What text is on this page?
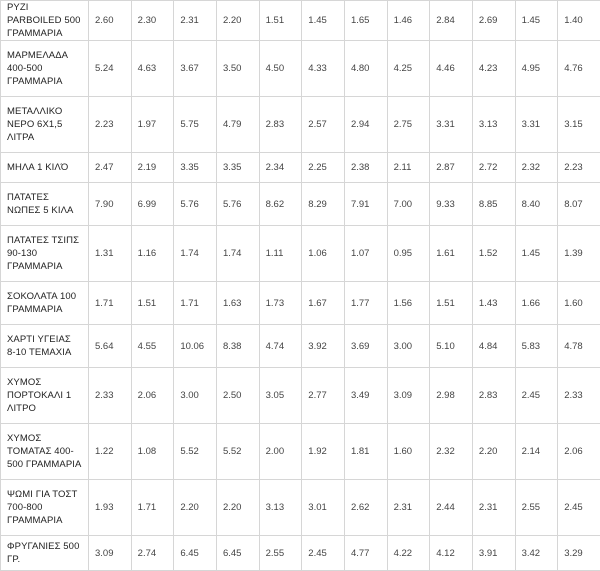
ΡΥΖΙ PARBOILED 500 ΓΡΑΜΜΑΡΙΑ	2.60	2.30	2.31	2.20	1.51	1.45	1.65	1.46	2.84	2.69	1.45	1.40
ΜΑΡΜΕΛΑΔΑ 400-500 ΓΡΑΜΜΑΡΙΑ	5.24	4.63	3.67	3.50	4.50	4.33	4.80	4.25	4.46	4.23	4.95	4.76
ΜΕΤΑΛΛΙΚΟ ΝΕΡΟ 6Χ1,5 ΛΙΤΡΑ	2.23	1.97	5.75	4.79	2.83	2.57	2.94	2.75	3.31	3.13	3.31	3.15
ΜΗΛΑ 1 ΚΙΛΌ	2.47	2.19	3.35	3.35	2.34	2.25	2.38	2.11	2.87	2.72	2.32	2.23
ΠΑΤΑΤΕΣ ΝΩΠΕΣ 5 ΚΙΛΑ	7.90	6.99	5.76	5.76	8.62	8.29	7.91	7.00	9.33	8.85	8.40	8.07
ΠΑΤΑΤΕΣ ΤΣΙΠΣ 90-130 ΓΡΑΜΜΑΡΙΑ	1.31	1.16	1.74	1.74	1.11	1.06	1.07	0.95	1.61	1.52	1.45	1.39
ΣΟΚΟΛΑΤΑ 100 ΓΡΑΜΜΑΡΙΑ	1.71	1.51	1.71	1.63	1.73	1.67	1.77	1.56	1.51	1.43	1.66	1.60
ΧΑΡΤΙ ΥΓΕΙΑΣ 8-10 ΤΕΜΑΧΙΑ	5.64	4.55	10.06	8.38	4.74	3.92	3.69	3.00	5.10	4.84	5.83	4.78
ΧΥΜΟΣ ΠΟΡΤΟΚΑΛΙ 1 ΛΙΤΡΟ	2.33	2.06	3.00	2.50	3.05	2.77	3.49	3.09	2.98	2.83	2.45	2.33
ΧΥΜΟΣ ΤΟΜΑΤΑΣ 400-500 ΓΡΑΜΜΑΡΙΑ	1.22	1.08	5.52	5.52	2.00	1.92	1.81	1.60	2.32	2.20	2.14	2.06
ΨΩΜΙ ΓΙΑ ΤΟΣΤ 700-800 ΓΡΑΜΜΑΡΙΑ	1.93	1.71	2.20	2.20	3.13	3.01	2.62	2.31	2.44	2.31	2.55	2.45
ΦΡΥΓΑΝΙΕΣ 500 ΓΡ.	3.09	2.74	6.45	6.45	2.55	2.45	4.77	4.22	4.12	3.91	3.42	3.29
